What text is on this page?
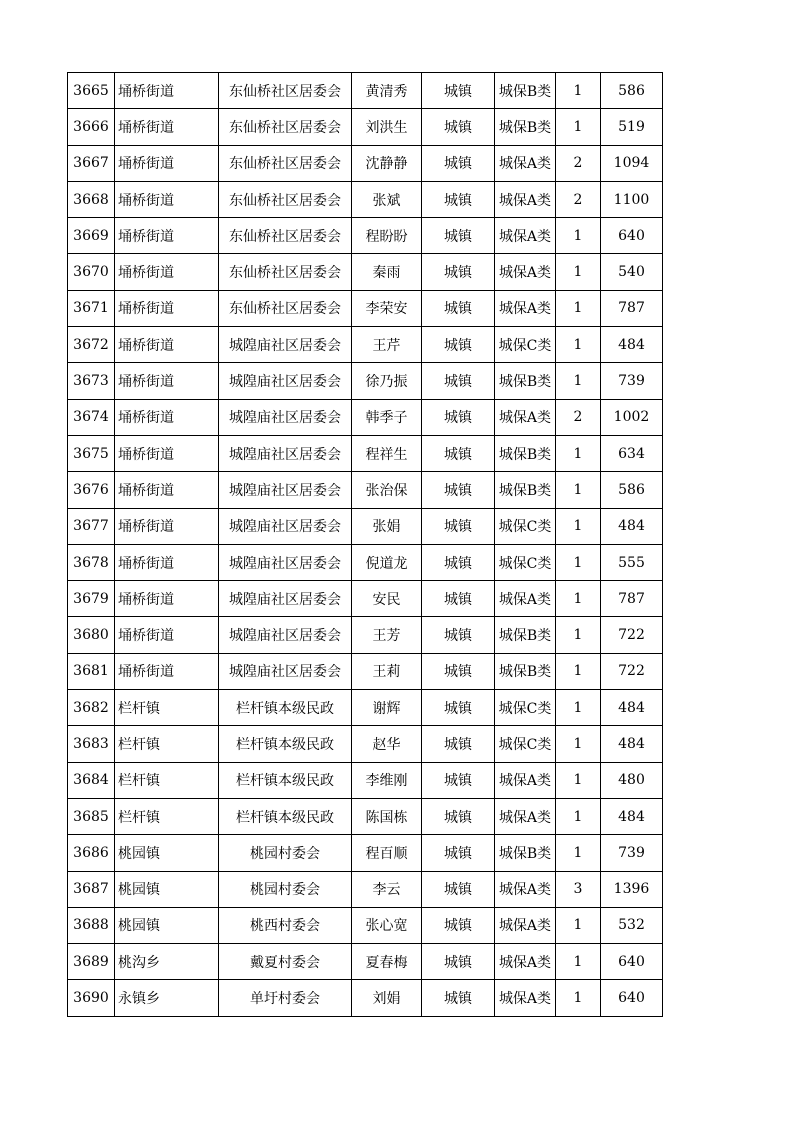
3665	埇桥街道	东仙桥社区居委会	黄清秀	城镇	城保B类	1	586
3666	埇桥街道	东仙桥社区居委会	刘洪生	城镇	城保B类	1	519
3667	埇桥街道	东仙桥社区居委会	沈静静	城镇	城保A类	2	1094
3668	埇桥街道	东仙桥社区居委会	张斌	城镇	城保A类	2	1100
3669	埇桥街道	东仙桥社区居委会	程盼盼	城镇	城保A类	1	640
3670	埇桥街道	东仙桥社区居委会	秦雨	城镇	城保A类	1	540
3671	埇桥街道	东仙桥社区居委会	李荣安	城镇	城保A类	1	787
3672	埇桥街道	城隍庙社区居委会	王芹	城镇	城保C类	1	484
3673	埇桥街道	城隍庙社区居委会	徐乃振	城镇	城保B类	1	739
3674	埇桥街道	城隍庙社区居委会	韩季子	城镇	城保A类	2	1002
3675	埇桥街道	城隍庙社区居委会	程祥生	城镇	城保B类	1	634
3676	埇桥街道	城隍庙社区居委会	张治保	城镇	城保B类	1	586
3677	埇桥街道	城隍庙社区居委会	张娟	城镇	城保C类	1	484
3678	埇桥街道	城隍庙社区居委会	倪道龙	城镇	城保C类	1	555
3679	埇桥街道	城隍庙社区居委会	安民	城镇	城保A类	1	787
3680	埇桥街道	城隍庙社区居委会	王芳	城镇	城保B类	1	722
3681	埇桥街道	城隍庙社区居委会	王莉	城镇	城保B类	1	722
3682	栏杆镇	栏杆镇本级民政	谢辉	城镇	城保C类	1	484
3683	栏杆镇	栏杆镇本级民政	赵华	城镇	城保C类	1	484
3684	栏杆镇	栏杆镇本级民政	李维刚	城镇	城保A类	1	480
3685	栏杆镇	栏杆镇本级民政	陈国栋	城镇	城保A类	1	484
3686	桃园镇	桃园村委会	程百顺	城镇	城保B类	1	739
3687	桃园镇	桃园村委会	李云	城镇	城保A类	3	1396
3688	桃园镇	桃西村委会	张心宽	城镇	城保A类	1	532
3689	桃沟乡	戴夏村委会	夏春梅	城镇	城保A类	1	640
3690	永镇乡	单圩村委会	刘娟	城镇	城保A类	1	640
